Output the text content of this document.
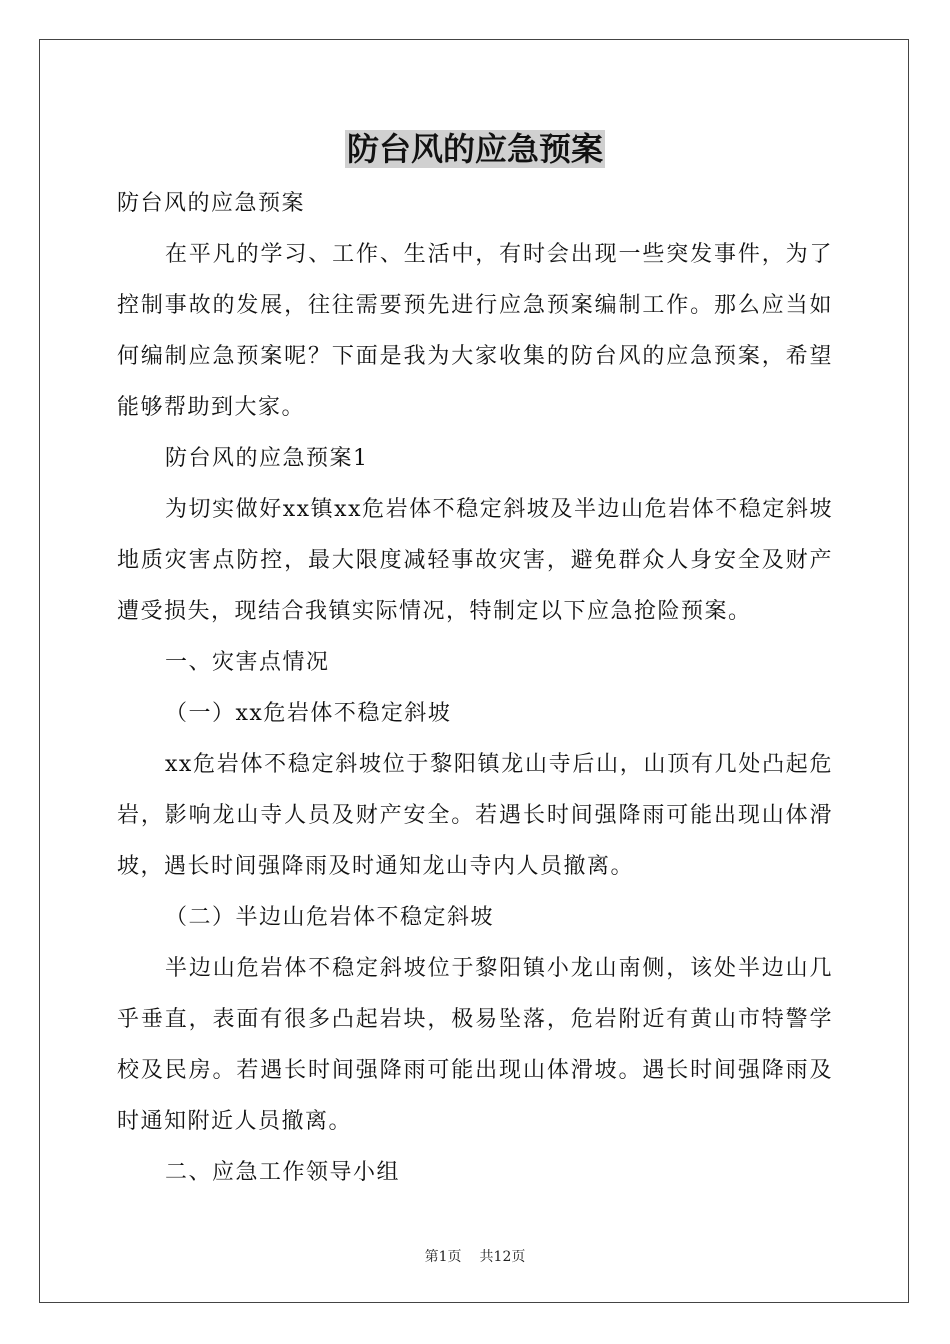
防台风的应急预案

防台风的应急预案

在平凡的学习、工作、生活中，有时会出现一些突发事件，为了控制事故的发展，往往需要预先进行应急预案编制工作。那么应当如何编制应急预案呢？下面是我为大家收集的防台风的应急预案，希望能够帮助到大家。

防台风的应急预案1

为切实做好xx镇xx危岩体不稳定斜坡及半边山危岩体不稳定斜坡地质灾害点防控，最大限度减轻事故灾害，避免群众人身安全及财产遭受损失，现结合我镇实际情况，特制定以下应急抢险预案。

一、灾害点情况

（一）xx危岩体不稳定斜坡

xx危岩体不稳定斜坡位于黎阳镇龙山寺后山，山顶有几处凸起危岩，影响龙山寺人员及财产安全。若遇长时间强降雨可能出现山体滑坡，遇长时间强降雨及时通知龙山寺内人员撤离。

（二）半边山危岩体不稳定斜坡

半边山危岩体不稳定斜坡位于黎阳镇小龙山南侧，该处半边山几乎垂直，表面有很多凸起岩块，极易坠落，危岩附近有黄山市特警学校及民房。若遇长时间强降雨可能出现山体滑坡。遇长时间强降雨及时通知附近人员撤离。

二、应急工作领导小组

第1页 共12页
